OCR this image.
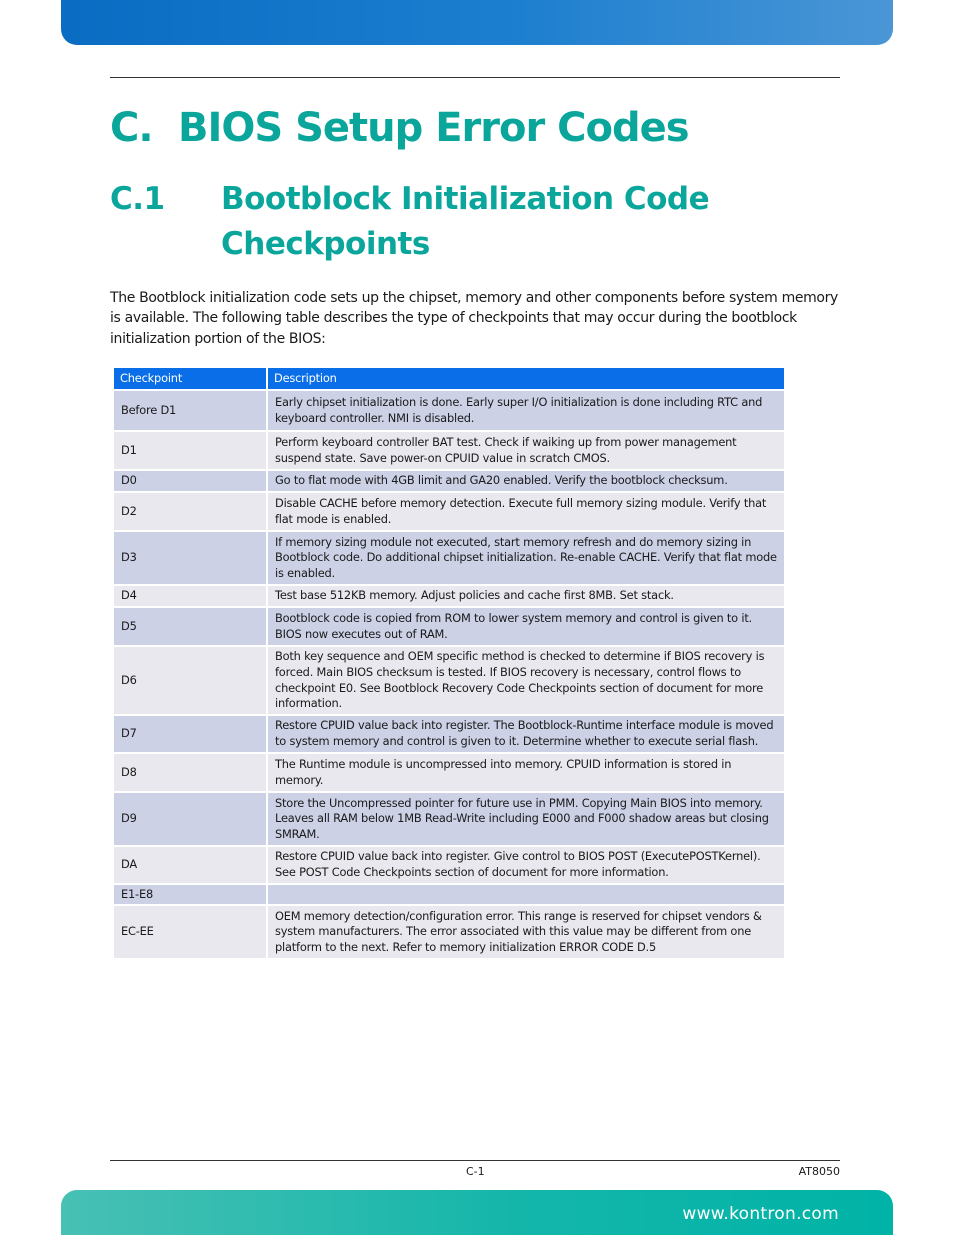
C. BIOS Setup Error Codes
C.1 Bootblock Initialization Code Checkpoints

The Bootblock initialization code sets up the chipset, memory and other components before system memory is available. The following table describes the type of checkpoints that may occur during the bootblock initialization portion of the BIOS:

Checkpoint	Description
Before D1	Early chipset initialization is done. Early super I/O initialization is done including RTC and keyboard controller. NMI is disabled.
D1	Perform keyboard controller BAT test. Check if waiking up from power management suspend state. Save power-on CPUID value in scratch CMOS.
D0	Go to flat mode with 4GB limit and GA20 enabled. Verify the bootblock checksum.
D2	Disable CACHE before memory detection. Execute full memory sizing module. Verify that flat mode is enabled.
D3	If memory sizing module not executed, start memory refresh and do memory sizing in Bootblock code. Do additional chipset initialization. Re-enable CACHE. Verify that flat mode is enabled.
D4	Test base 512KB memory. Adjust policies and cache first 8MB. Set stack.
D5	Bootblock code is copied from ROM to lower system memory and control is given to it. BIOS now executes out of RAM.
D6	Both key sequence and OEM specific method is checked to determine if BIOS recovery is forced. Main BIOS checksum is tested. If BIOS recovery is necessary, control flows to checkpoint E0. See Bootblock Recovery Code Checkpoints section of document for more information.
D7	Restore CPUID value back into register. The Bootblock-Runtime interface module is moved to system memory and control is given to it. Determine whether to execute serial flash.
D8	The Runtime module is uncompressed into memory. CPUID information is stored in memory.
D9	Store the Uncompressed pointer for future use in PMM. Copying Main BIOS into memory. Leaves all RAM below 1MB Read-Write including E000 and F000 shadow areas but closing SMRAM.
DA	Restore CPUID value back into register. Give control to BIOS POST (ExecutePOSTKernel). See POST Code Checkpoints section of document for more information.
E1-E8	
EC-EE	OEM memory detection/configuration error. This range is reserved for chipset vendors & system manufacturers. The error associated with this value may be different from one platform to the next. Refer to memory initialization ERROR CODE D.5
C-1	AT8050
www.kontron.com
